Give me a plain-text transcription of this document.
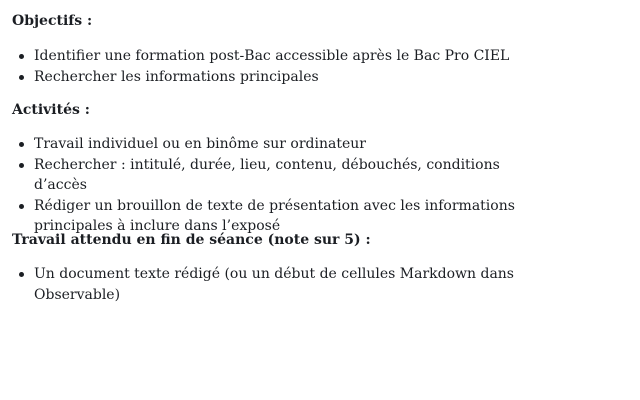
Objectifs :
Identifier une formation post-Bac accessible après le Bac Pro CIEL
Rechercher les informations principales
Activités :
Travail individuel ou en binôme sur ordinateur
Rechercher : intitulé, durée, lieu, contenu, débouchés, conditions d’accès
Rédiger un brouillon de texte de présentation avec les informations principales à inclure dans l’exposé
Travail attendu en fin de séance (note sur 5) :
Un document texte rédigé (ou un début de cellules Markdown dans Observable)
